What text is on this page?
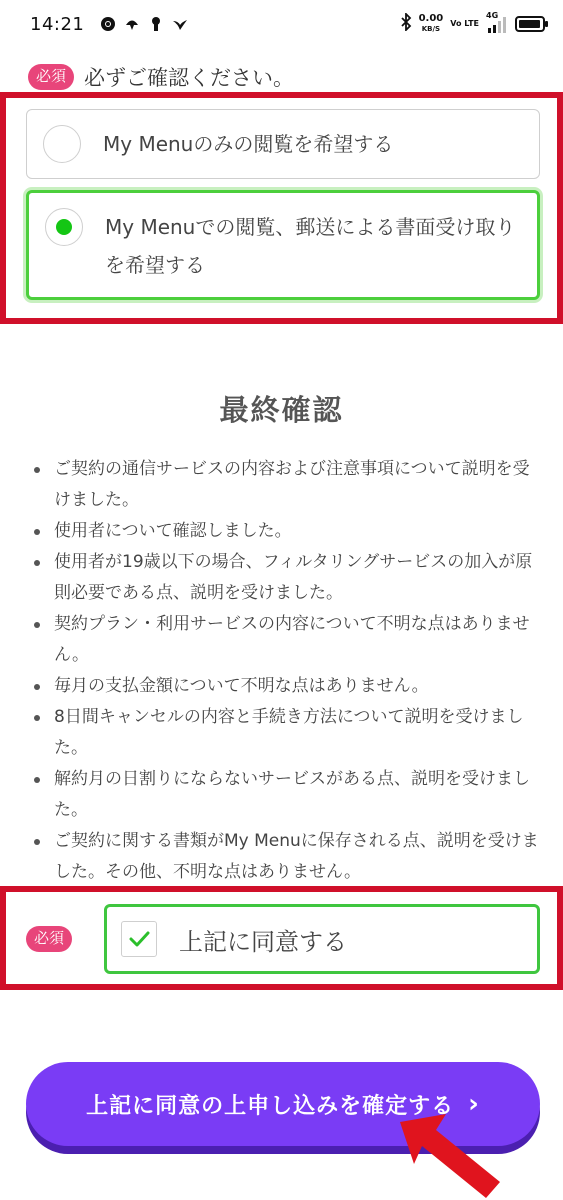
14:21	0.00
KB/S
Vo LTE
4G
必須 必ずご確認ください。
My Menuのみの閲覧を希望する
My Menuでの閲覧、郵送による書面受け取りを希望する
最終確認
ご契約の通信サービスの内容および注意事項について説明を受けました。
使用者について確認しました。
使用者が19歳以下の場合、フィルタリングサービスの加入が原則必要である点、説明を受けました。
契約プラン・利用サービスの内容について不明な点はありません。
毎月の支払金額について不明な点はありません。
8日間キャンセルの内容と手続き方法について説明を受けました。
解約月の日割りにならないサービスがある点、説明を受けました。
ご契約に関する書類がMy Menuに保存される点、説明を受けました。その他、不明な点はありません。
必須	上記に同意する
上記に同意の上申し込みを確定する ›
